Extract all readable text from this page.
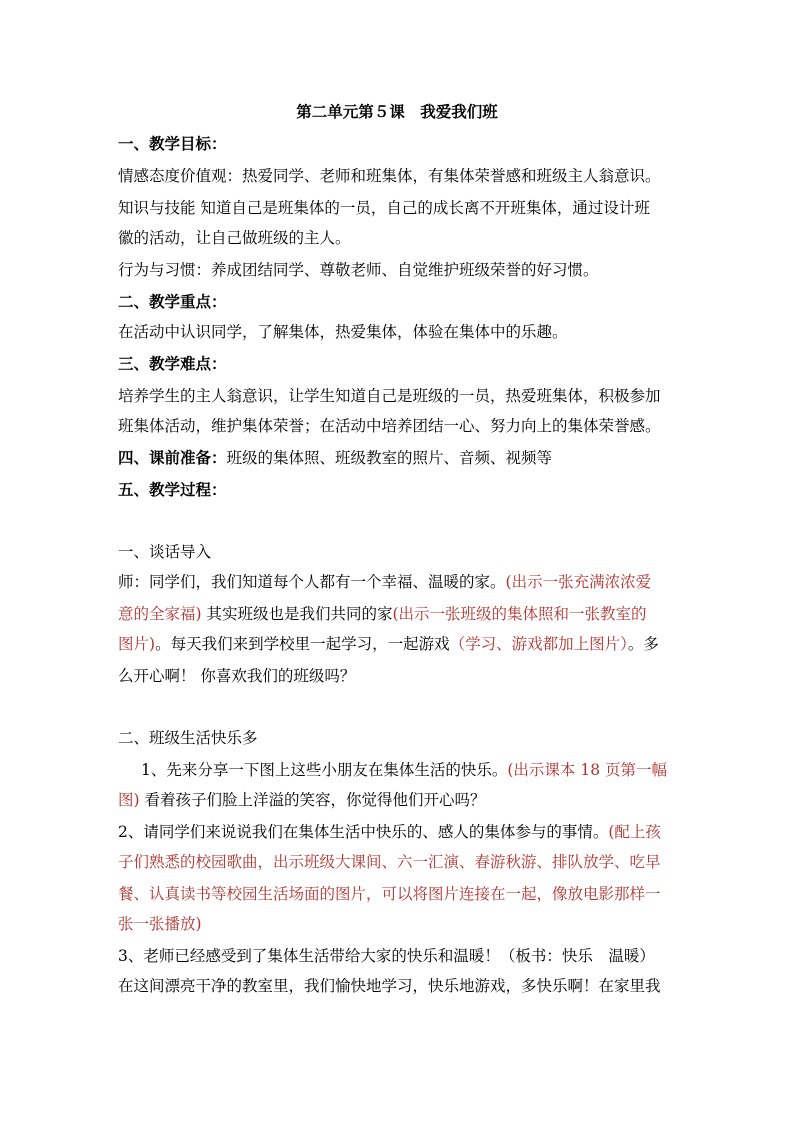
第二单元第５课　我爱我们班
一、教学目标：
情感态度价值观：热爱同学、老师和班集体，有集体荣誉感和班级主人翁意识。
知识与技能 知道自己是班集体的一员，自己的成长离不开班集体，通过设计班
徽的活动，让自己做班级的主人。
行为与习惯：养成团结同学、尊敬老师、自觉维护班级荣誉的好习惯。
二、教学重点：
在活动中认识同学，了解集体，热爱集体，体验在集体中的乐趣。
三、教学难点：
培养学生的主人翁意识，让学生知道自己是班级的一员，热爱班集体，积极参加
班集体活动，维护集体荣誉；在活动中培养团结一心、努力向上的集体荣誉感。
四、课前准备：班级的集体照、班级教室的照片、音频、视频等
五、教学过程：
一、谈话导入
师：同学们，我们知道每个人都有一个幸福、温暖的家。(出示一张充满浓浓爱
意的全家福) 其实班级也是我们共同的家(出示一张班级的集体照和一张教室的
图片)。每天我们来到学校里一起学习，一起游戏（学习、游戏都加上图片）。多
么开心啊！ 你喜欢我们的班级吗？
二、班级生活快乐多
1、先来分享一下图上这些小朋友在集体生活的快乐。(出示课本 18 页第一幅
图) 看着孩子们脸上洋溢的笑容，你觉得他们开心吗？
2、请同学们来说说我们在集体生活中快乐的、感人的集体参与的事情。(配上孩
子们熟悉的校园歌曲，出示班级大课间、六一汇演、春游秋游、排队放学、吃早
餐、认真读书等校园生活场面的图片，可以将图片连接在一起，像放电影那样一
张一张播放)
3、老师已经感受到了集体生活带给大家的快乐和温暖！（板书：快乐　温暖）
在这间漂亮干净的教室里，我们愉快地学习，快乐地游戏，多快乐啊！在家里我
